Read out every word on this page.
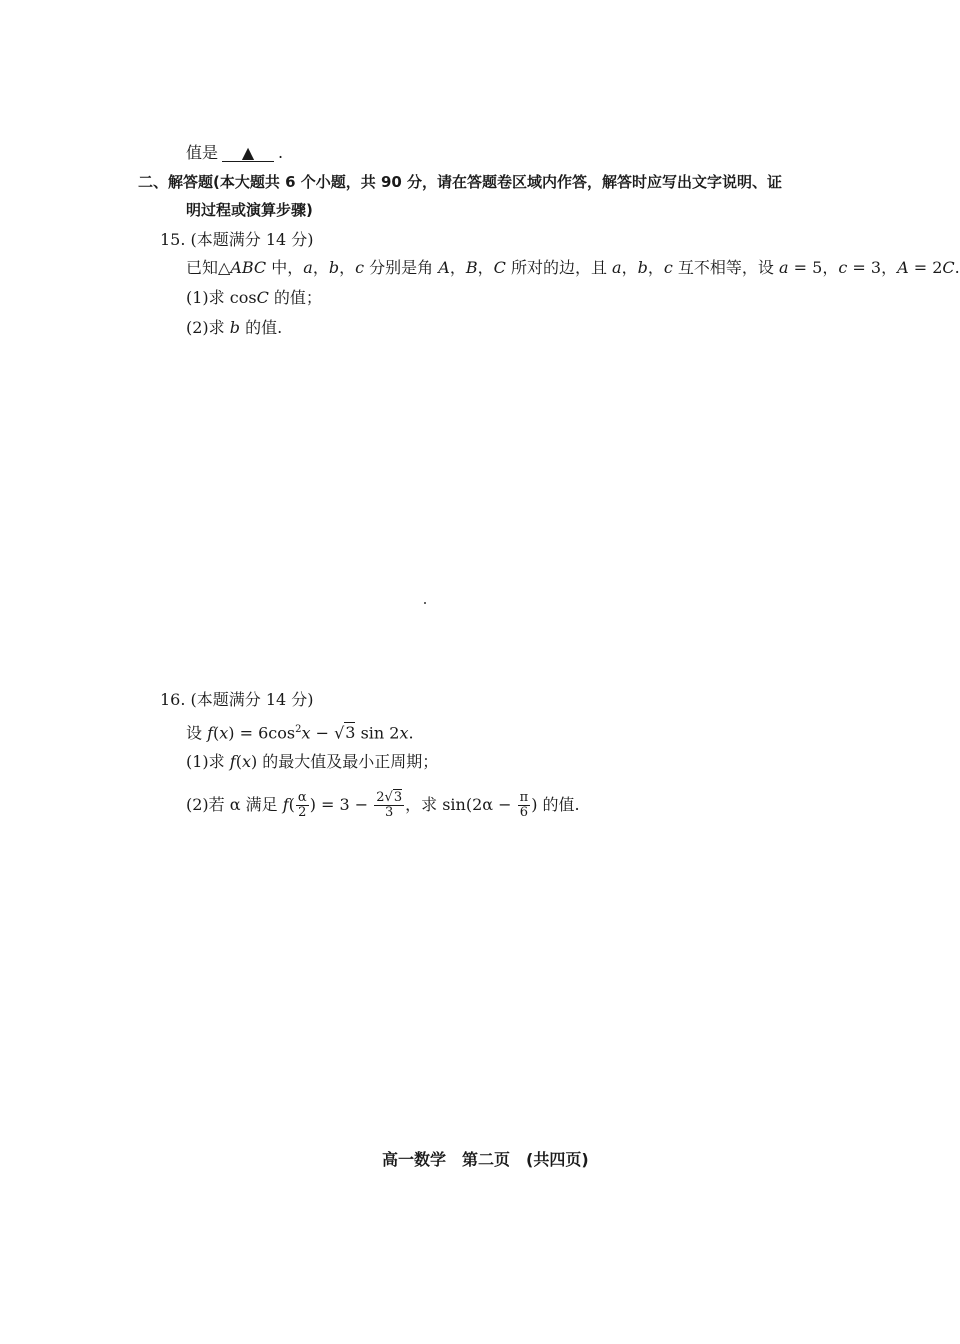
值是 ▲ .
二、解答题(本大题共 6 个小题，共 90 分，请在答题卷区域内作答，解答时应写出文字说明、证
明过程或演算步骤)
15. (本题满分 14 分)
已知△ABC 中，a，b，c 分别是角 A，B，C 所对的边，且 a，b，c 互不相等，设 a = 5，c = 3，A = 2C.
(1)求 cosC 的值；
(2)求 b 的值.
16. (本题满分 14 分)
设 $f(x) = 6\cos^2x - √3$ sin 2x.
(1)求 f(x) 的最大值及最小正周期；
(2)若 α 满足 $f( \frac{\alpha}{2}$ ) = $3 - \frac{2√3}{3}$ ，求 $\sin(2\alpha - \frac{\pi}{6}$ ) 的值.
高一数学　第二页　(共四页)
